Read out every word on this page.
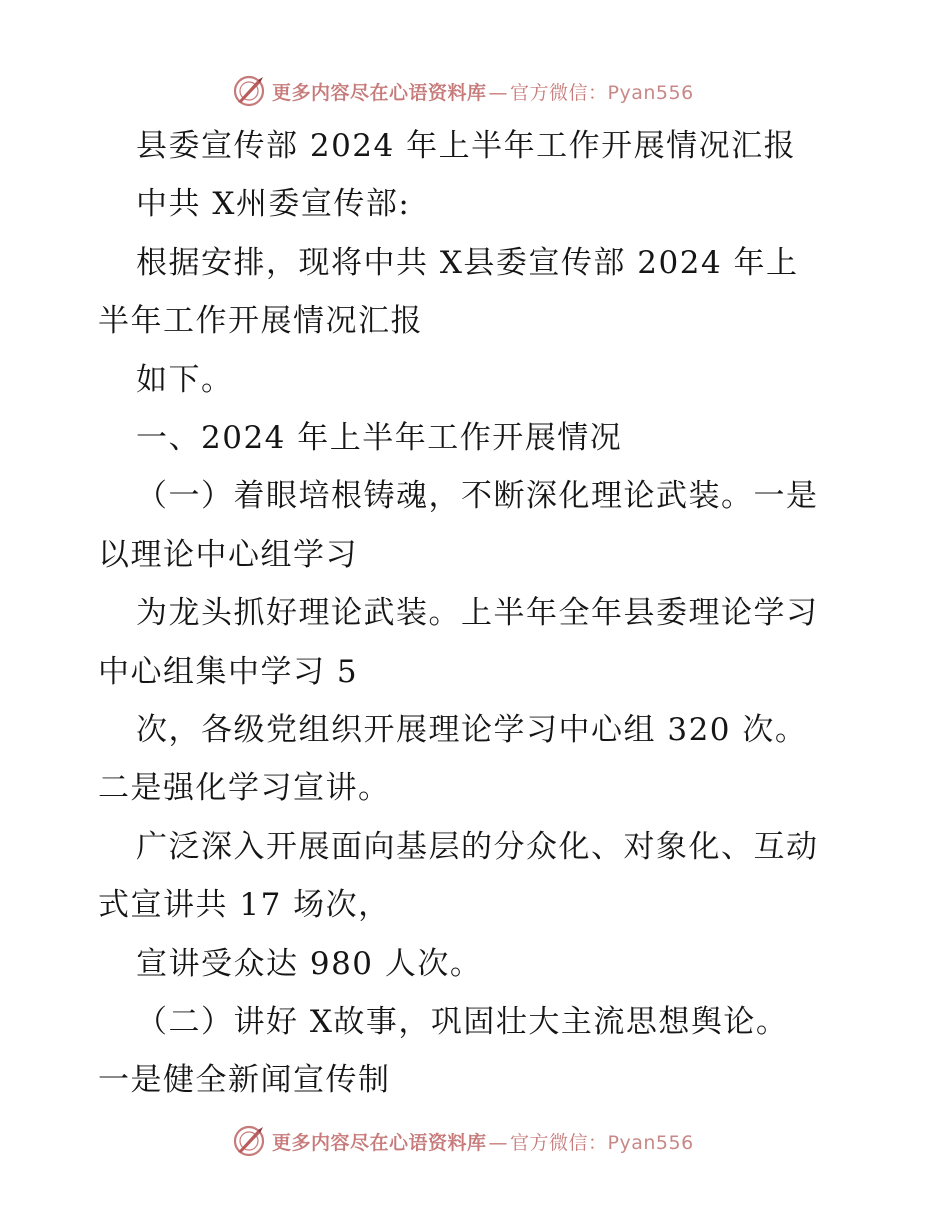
更多内容尽在心语资料库 — 官方微信：Pyan556
县委宣传部 2024 年上半年工作开展情况汇报
中共 X州委宣传部:
根据安排，现将中共 X县委宣传部 2024 年上
半年工作开展情况汇报
如下。
一、2024 年上半年工作开展情况
（一）着眼培根铸魂，不断深化理论武装。一是
以理论中心组学习
为龙头抓好理论武装。上半年全年县委理论学习
中心组集中学习 5
次，各级党组织开展理论学习中心组 320 次。
二是强化学习宣讲。
广泛深入开展面向基层的分众化、对象化、互动
式宣讲共 17 场次，
宣讲受众达 980 人次。
（二）讲好 X故事，巩固壮大主流思想舆论。
一是健全新闻宣传制
更多内容尽在心语资料库 — 官方微信：Pyan556
